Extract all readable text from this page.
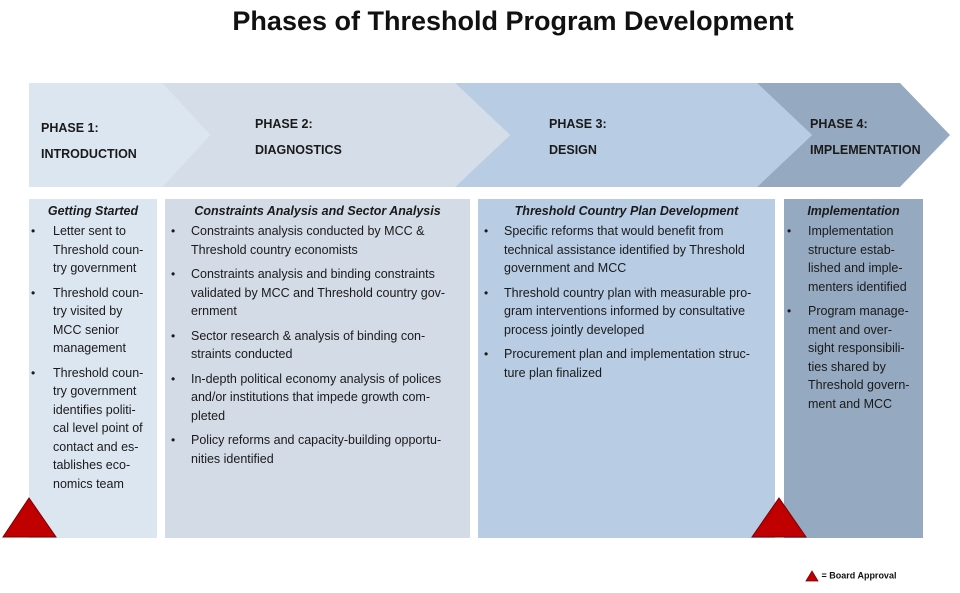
Phases of Threshold Program Development
PHASE 1:
INTRODUCTION
PHASE 2:
DIAGNOSTICS
PHASE 3:
DESIGN
PHASE 4:
IMPLEMENTATION
Getting Started
• Letter sent to Threshold coun-try government
• Threshold coun-try visited by MCC senior management
• Threshold coun-try government identifies politi-cal level point of contact and es-tablishes eco-nomics team
Constraints Analysis and Sector Analysis
• Constraints analysis conducted by MCC & Threshold country economists
• Constraints analysis and binding constraints validated by MCC and Threshold country gov-ernment
• Sector research & analysis of binding con-straints conducted
• In-depth political economy analysis of polices and/or institutions that impede growth com-pleted
• Policy reforms and capacity-building opportu-nities identified
Threshold Country Plan Development
• Specific reforms that would benefit from technical assistance identified by Threshold government and MCC
• Threshold country plan with measurable pro-gram interventions informed by consultative process jointly developed
• Procurement plan and implementation struc-ture plan finalized
Implementation
• Implementation structure estab-lished and imple-menters identified
• Program manage-ment and over-sight responsibili-ties shared by Threshold govern-ment and MCC
= Board Approval
